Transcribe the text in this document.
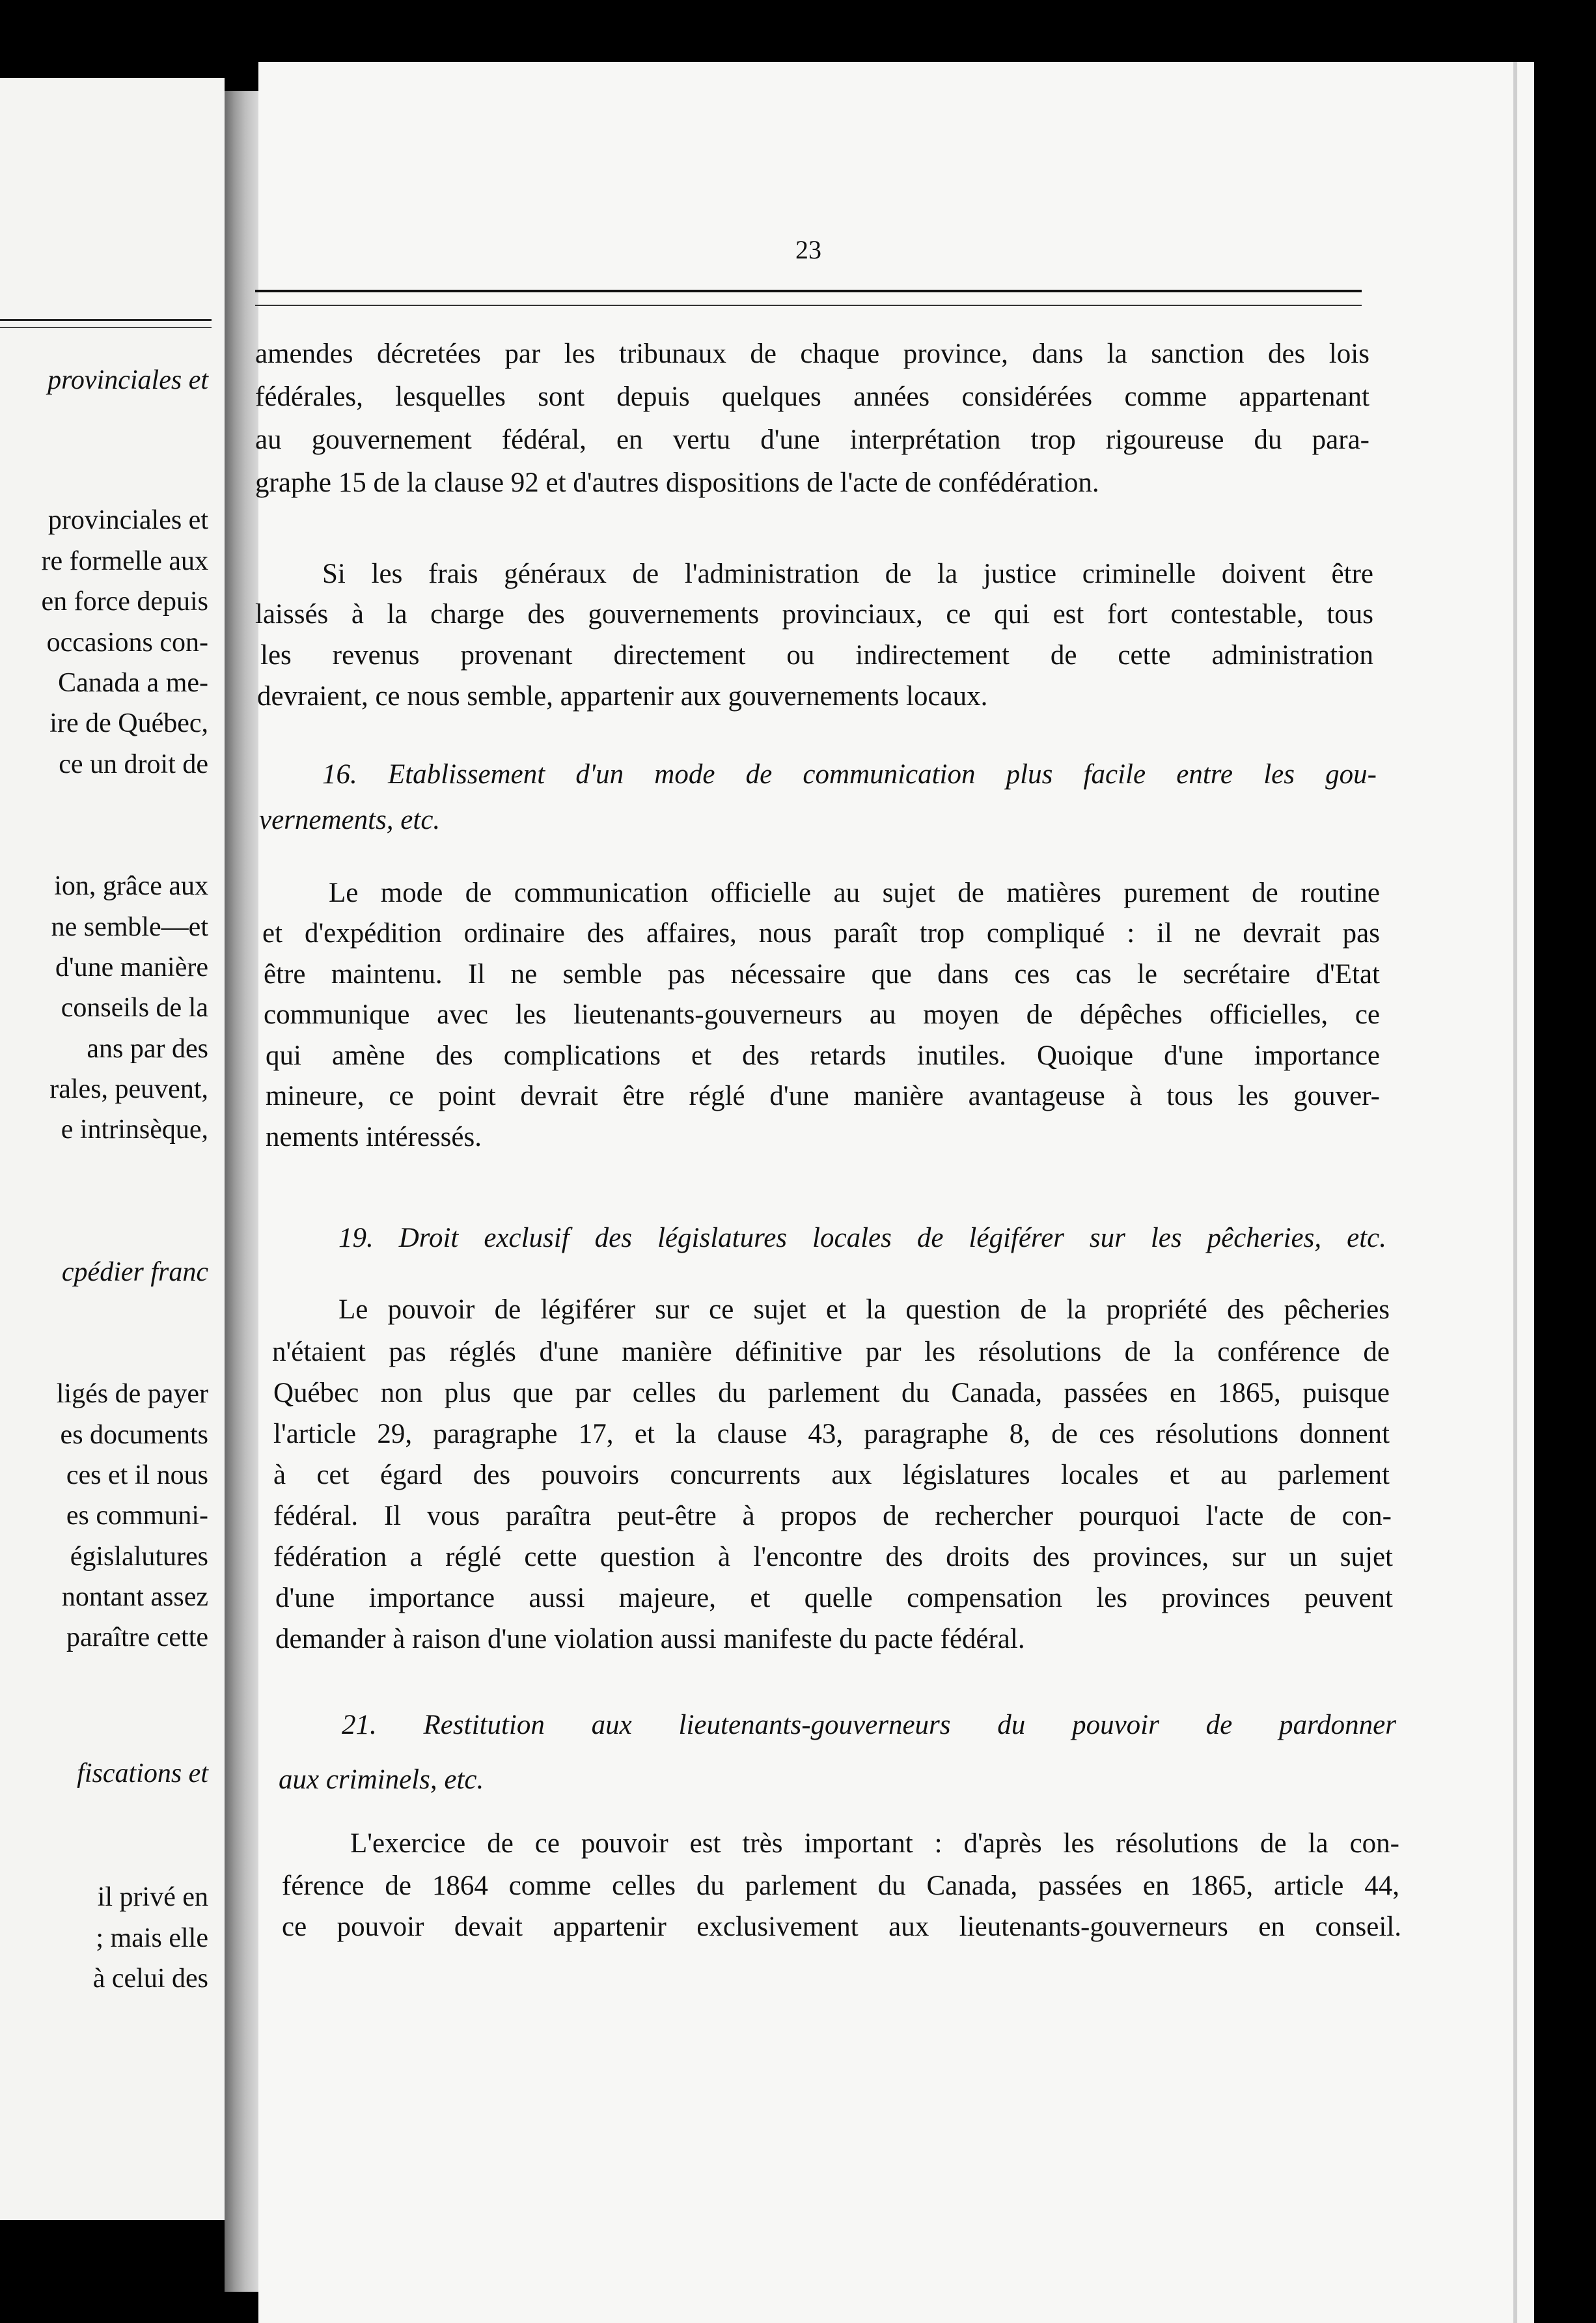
provinciales et
provinciales et
re formelle aux
en force depuis
occasions con-
Canada a me-
ire de Québec,
ce un droit de
ion, grâce aux
ne semble—et
d'une manière
conseils de la
ans par des
rales, peuvent,
e intrinsèque,
cpédier franc
ligés de payer
es documents
ces et il nous
es communi-
égislalutures
nontant assez
paraître cette
fiscations et
il privé en
; mais elle
à celui des
23
amendes décretées par les tribunaux de chaque province, dans la sanction des lois
fédérales, lesquelles sont depuis quelques années considérées comme appartenant
au gouvernement fédéral, en vertu d'une interprétation trop rigoureuse du para-
graphe 15 de la clause 92 et d'autres dispositions de l'acte de confédération.
Si les frais généraux de l'administration de la justice criminelle doivent être
laissés à la charge des gouvernements provinciaux, ce qui est fort contestable, tous
les revenus provenant directement ou indirectement de cette administration
devraient, ce nous semble, appartenir aux gouvernements locaux.
16. Etablissement d'un mode de communication plus facile entre les gou-
vernements, etc.
Le mode de communication officielle au sujet de matières purement de routine
et d'expédition ordinaire des affaires, nous paraît trop compliqué : il ne devrait pas
être maintenu. Il ne semble pas nécessaire que dans ces cas le secrétaire d'Etat
communique avec les lieutenants-gouverneurs au moyen de dépêches officielles, ce
qui amène des complications et des retards inutiles. Quoique d'une importance
mineure, ce point devrait être réglé d'une manière avantageuse à tous les gouver-
nements intéressés.
19. Droit exclusif des législatures locales de légiférer sur les pêcheries, etc.
Le pouvoir de légiférer sur ce sujet et la question de la propriété des pêcheries
n'étaient pas réglés d'une manière définitive par les résolutions de la conférence de
Québec non plus que par celles du parlement du Canada, passées en 1865, puisque
l'article 29, paragraphe 17, et la clause 43, paragraphe 8, de ces résolutions donnent
à cet égard des pouvoirs concurrents aux législatures locales et au parlement
fédéral. Il vous paraîtra peut-être à propos de rechercher pourquoi l'acte de con-
fédération a réglé cette question à l'encontre des droits des provinces, sur un sujet
d'une importance aussi majeure, et quelle compensation les provinces peuvent
demander à raison d'une violation aussi manifeste du pacte fédéral.
21. Restitution aux lieutenants-gouverneurs du pouvoir de pardonner
aux criminels, etc.
L'exercice de ce pouvoir est très important : d'après les résolutions de la con-
férence de 1864 comme celles du parlement du Canada, passées en 1865, article 44,
ce pouvoir devait appartenir exclusivement aux lieutenants-gouverneurs en conseil.
